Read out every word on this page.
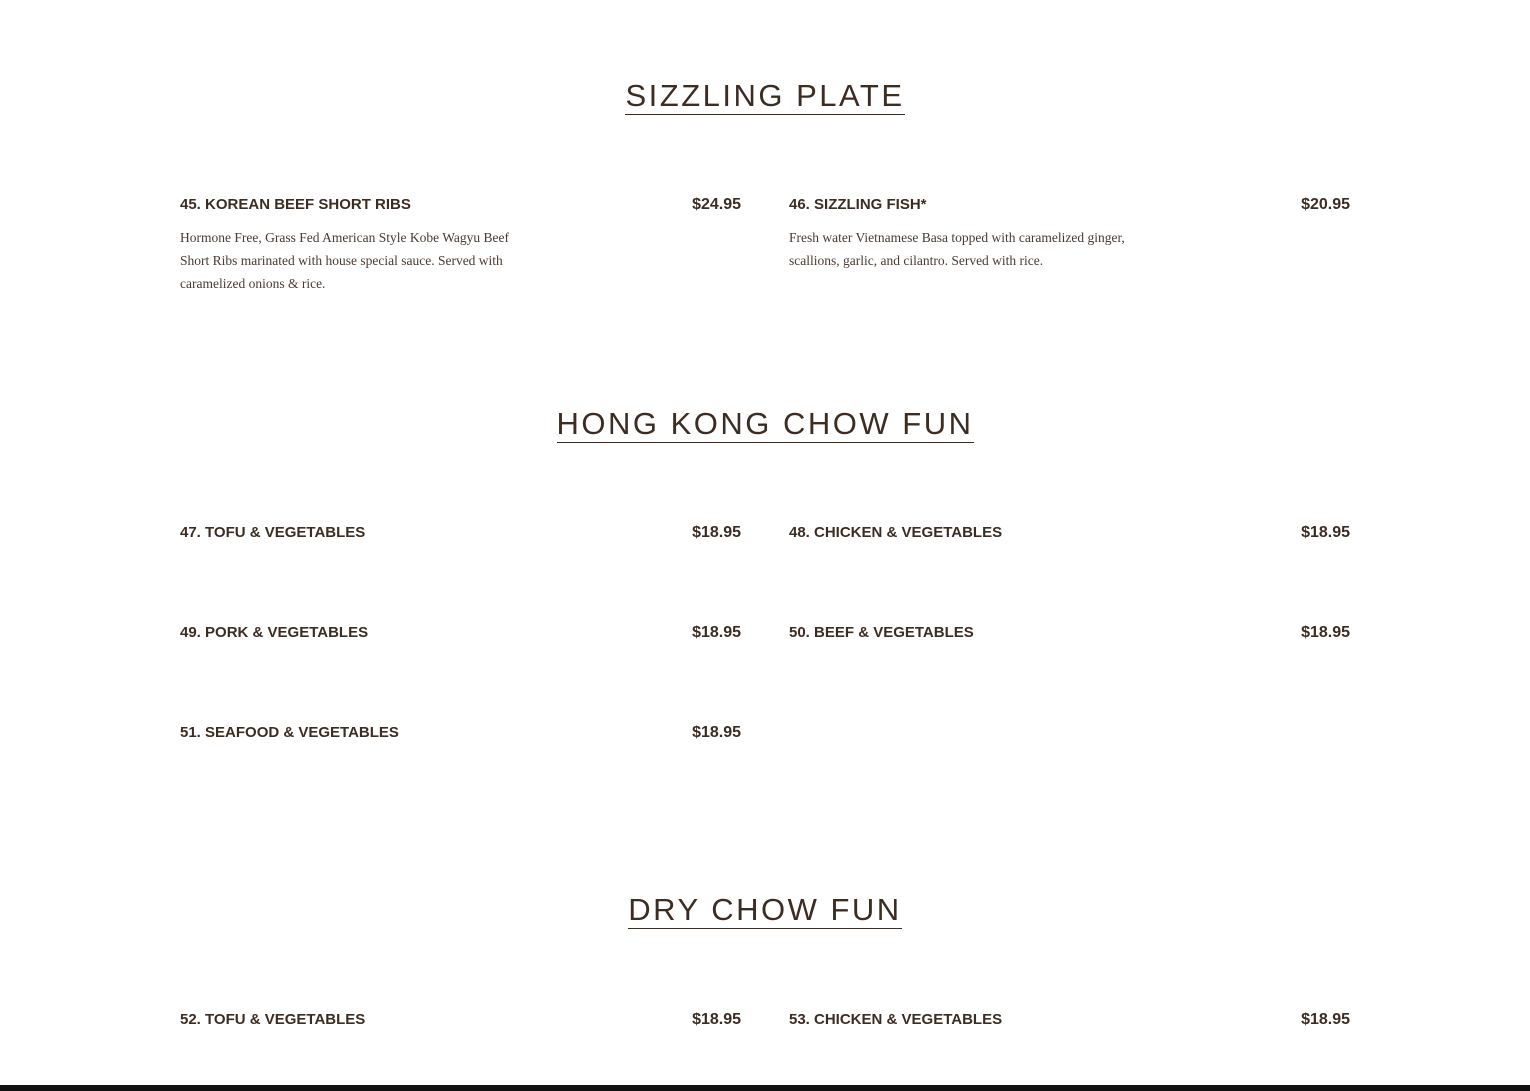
SIZZLING PLATE
45. KOREAN BEEF SHORT RIBS	$24.95

Hormone Free, Grass Fed American Style Kobe Wagyu Beef Short Ribs marinated with house special sauce. Served with caramelized onions & rice.

46. SIZZLING FISH*	$20.95

Fresh water Vietnamese Basa topped with caramelized ginger, scallions, garlic, and cilantro. Served with rice.

HONG KONG CHOW FUN
47. TOFU & VEGETABLES	$18.95	48. CHICKEN & VEGETABLES	$18.95
49. PORK & VEGETABLES	$18.95	50. BEEF & VEGETABLES	$18.95
51. SEAFOOD & VEGETABLES	$18.95
DRY CHOW FUN
52. TOFU & VEGETABLES	$18.95	53. CHICKEN & VEGETABLES	$18.95
